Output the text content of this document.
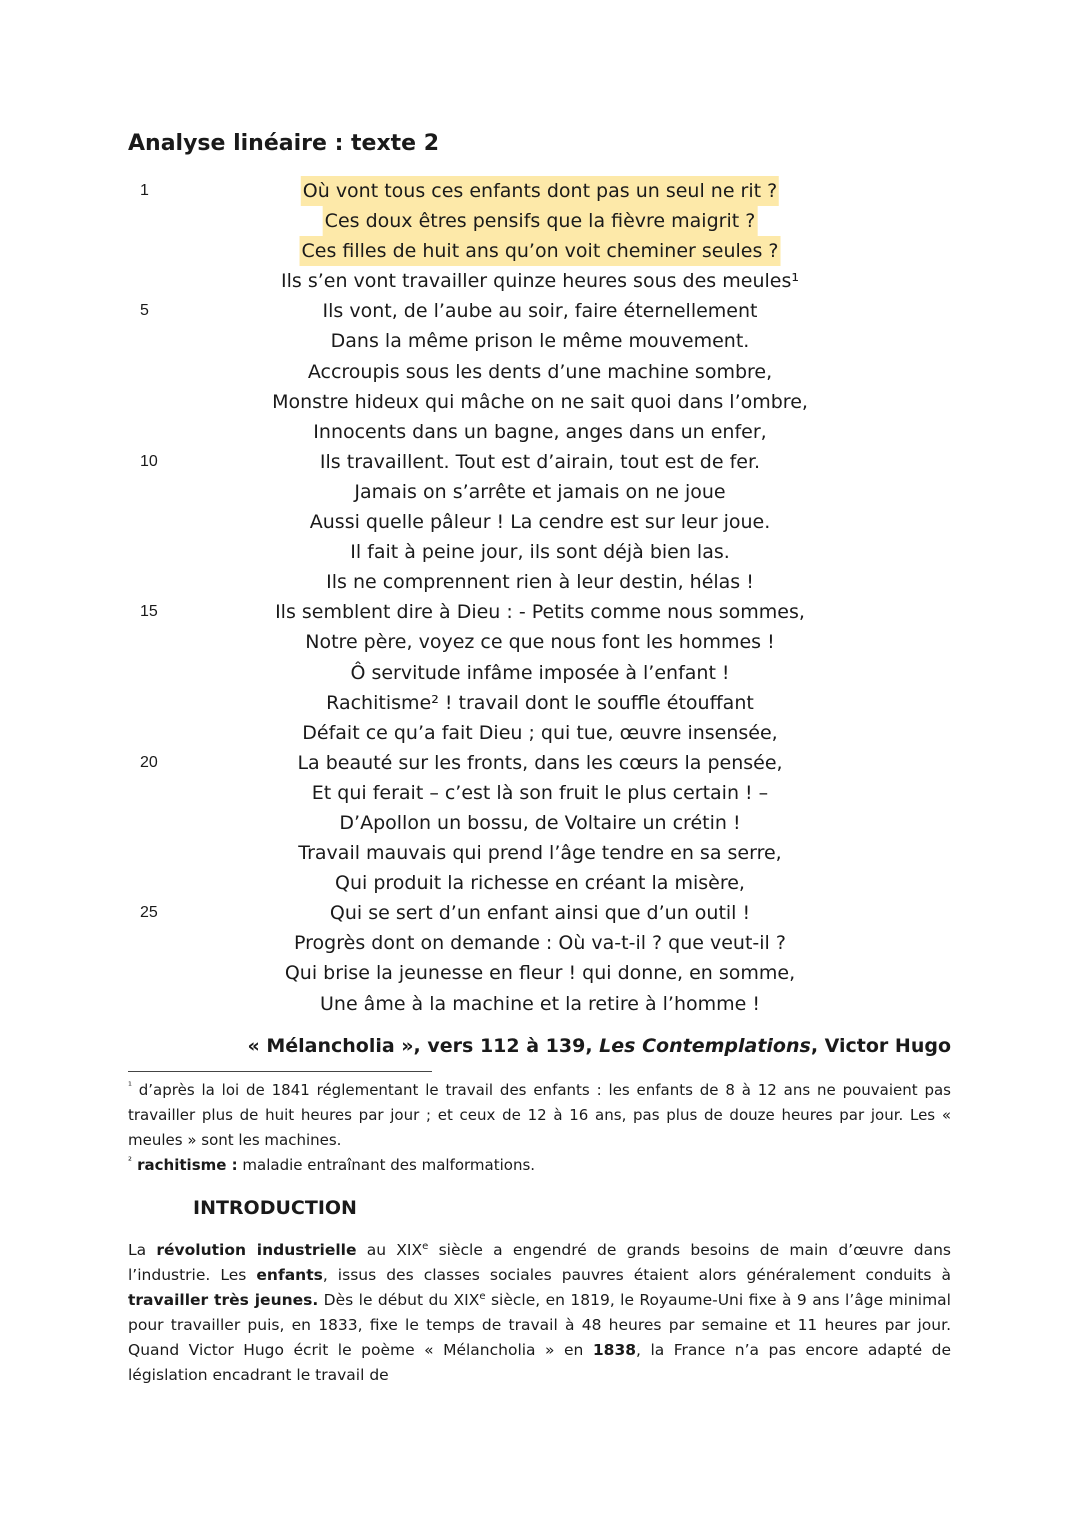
Analyse linéaire : texte 2
1	Où vont tous ces enfants dont pas un seul ne rit ?
Ces doux êtres pensifs que la fièvre maigrit ?
Ces filles de huit ans qu’on voit cheminer seules ?
Ils s’en vont travailler quinze heures sous des meules¹
5	Ils vont, de l’aube au soir, faire éternellement
Dans la même prison le même mouvement.
Accroupis sous les dents d’une machine sombre,
Monstre hideux qui mâche on ne sait quoi dans l’ombre,
Innocents dans un bagne, anges dans un enfer,
10	Ils travaillent. Tout est d’airain, tout est de fer.
Jamais on s’arrête et jamais on ne joue
Aussi quelle pâleur ! La cendre est sur leur joue.
Il fait à peine jour, ils sont déjà bien las.
Ils ne comprennent rien à leur destin, hélas !
15	Ils semblent dire à Dieu : - Petits comme nous sommes,
Notre père, voyez ce que nous font les hommes !
Ô servitude infâme imposée à l’enfant !
Rachitisme² ! travail dont le souffle étouffant
Défait ce qu’a fait Dieu ; qui tue, œuvre insensée,
20	La beauté sur les fronts, dans les cœurs la pensée,
Et qui ferait – c’est là son fruit le plus certain ! –
D’Apollon un bossu, de Voltaire un crétin !
Travail mauvais qui prend l’âge tendre en sa serre,
Qui produit la richesse en créant la misère,
25	Qui se sert d’un enfant ainsi que d’un outil !
Progrès dont on demande : Où va-t-il ? que veut-il ?
Qui brise la jeunesse en fleur ! qui donne, en somme,
Une âme à la machine et la retire à l’homme !
« Mélancholia », vers 112 à 139, Les Contemplations, Victor Hugo

$^{^1}$ d’après la loi de 1841 réglementant le travail des enfants : les enfants de 8 à 12 ans ne pouvaient pas travailler plus de huit heures par jour ; et ceux de 12 à 16 ans, pas plus de douze heures par jour. Les « meules » sont les machines.

$^{^2}$ rachitisme : maladie entraînant des malformations.

INTRODUCTION

La révolution industrielle au XIXe siècle a engendré de grands besoins de main d’œuvre dans l’industrie. Les enfants, issus des classes sociales pauvres étaient alors généralement conduits à travailler très jeunes. Dès le début du XIXe siècle, en 1819, le Royaume-Uni fixe à 9 ans l’âge minimal pour travailler puis, en 1833, fixe le temps de travail à 48 heures par semaine et 11 heures par jour. Quand Victor Hugo écrit le poème « Mélancholia » en 1838, la France n’a pas encore adapté de législation encadrant le travail de
